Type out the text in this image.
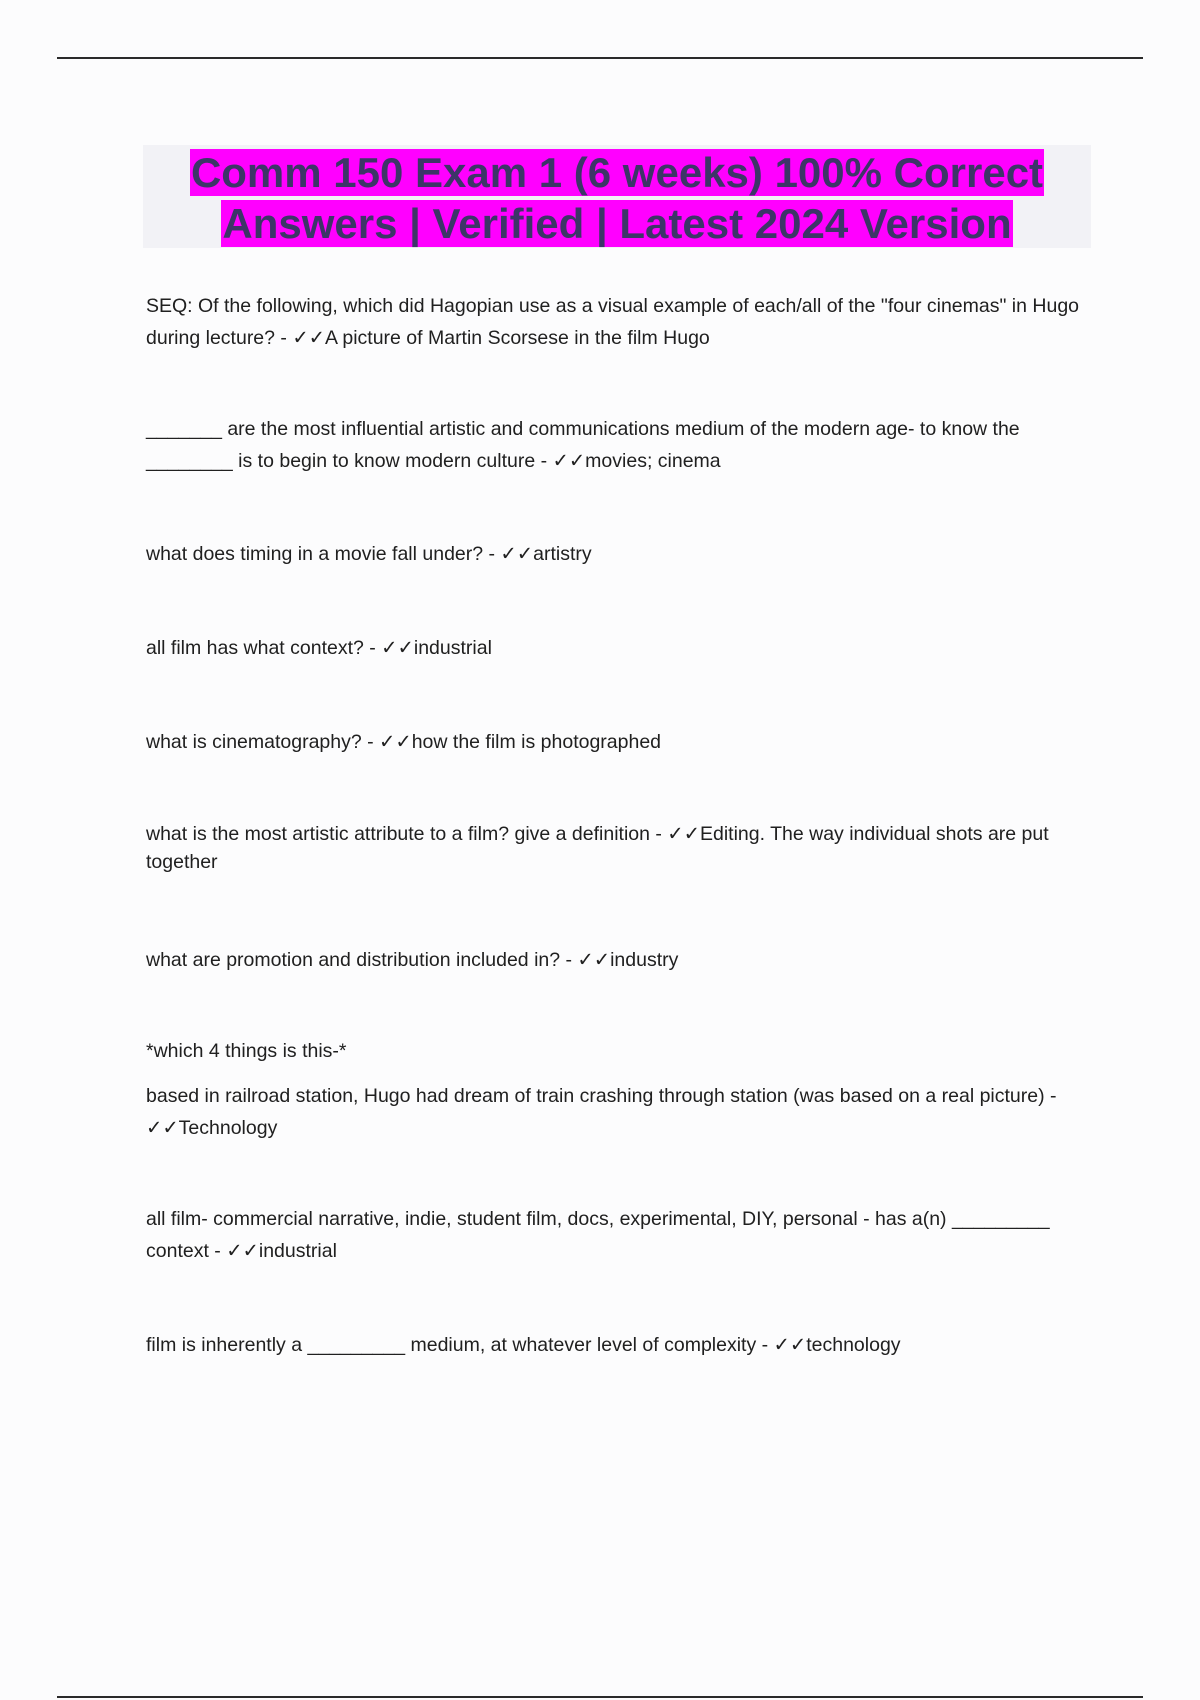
Comm 150 Exam 1 (6 weeks) 100% Correct Answers | Verified | Latest 2024 Version

SEQ: Of the following, which did Hagopian use as a visual example of each/all of the "four cinemas" in Hugo during lecture? - ✓✓A picture of Martin Scorsese in the film Hugo

_______ are the most influential artistic and communications medium of the modern age- to know the ________ is to begin to know modern culture - ✓✓movies; cinema

what does timing in a movie fall under? - ✓✓artistry

all film has what context? - ✓✓industrial

what is cinematography? - ✓✓how the film is photographed

what is the most artistic attribute to a film? give a definition - ✓✓Editing. The way individual shots are put together

what are promotion and distribution included in? - ✓✓industry

*which 4 things is this-*

based in railroad station, Hugo had dream of train crashing through station (was based on a real picture) - ✓✓Technology

all film- commercial narrative, indie, student film, docs, experimental, DIY, personal - has a(n) _________ context - ✓✓industrial

film is inherently a _________ medium, at whatever level of complexity - ✓✓technology
